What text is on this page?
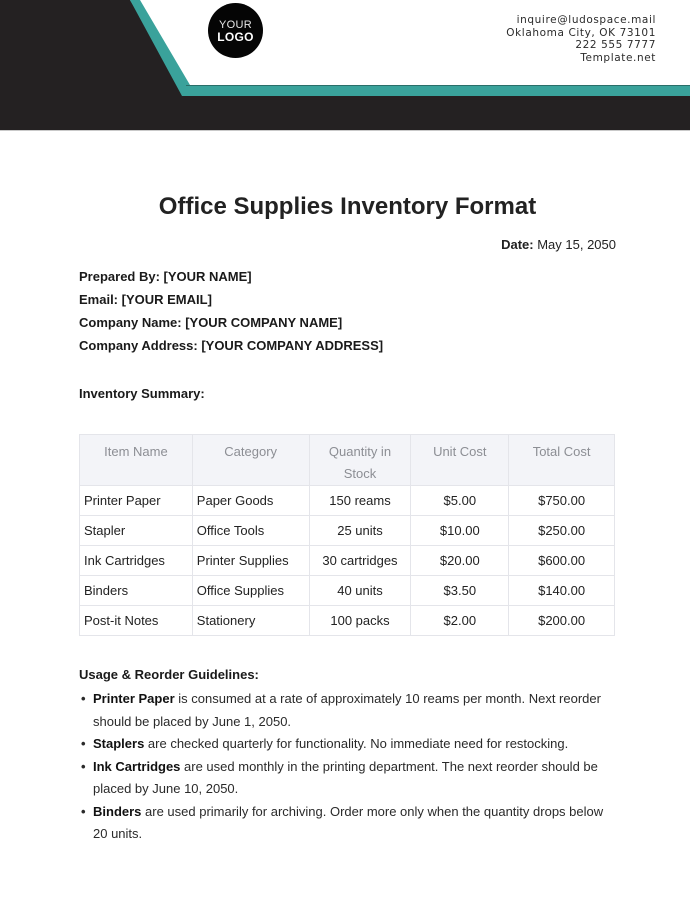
YOUR
LOGO
inquire@ludospace.mail
Oklahoma City, OK 73101
222 555 7777
Template.net
Office Supplies Inventory Format
Date: May 15, 2050
Prepared By: [YOUR NAME]
Email: [YOUR EMAIL]
Company Name: [YOUR COMPANY NAME]
Company Address: [YOUR COMPANY ADDRESS]
Inventory Summary:
Item Name	Category	Quantity in Stock	Unit Cost	Total Cost
Printer Paper	Paper Goods	150 reams	$5.00	$750.00
Stapler	Office Tools	25 units	$10.00	$250.00
Ink Cartridges	Printer Supplies	30 cartridges	$20.00	$600.00
Binders	Office Supplies	40 units	$3.50	$140.00
Post-it Notes	Stationery	100 packs	$2.00	$200.00
Usage & Reorder Guidelines:
• Printer Paper is consumed at a rate of approximately 10 reams per month. Next reorder should be placed by June 1, 2050.
• Staplers are checked quarterly for functionality. No immediate need for restocking.
• Ink Cartridges are used monthly in the printing department. The next reorder should be placed by June 10, 2050.
• Binders are used primarily for archiving. Order more only when the quantity drops below 20 units.
